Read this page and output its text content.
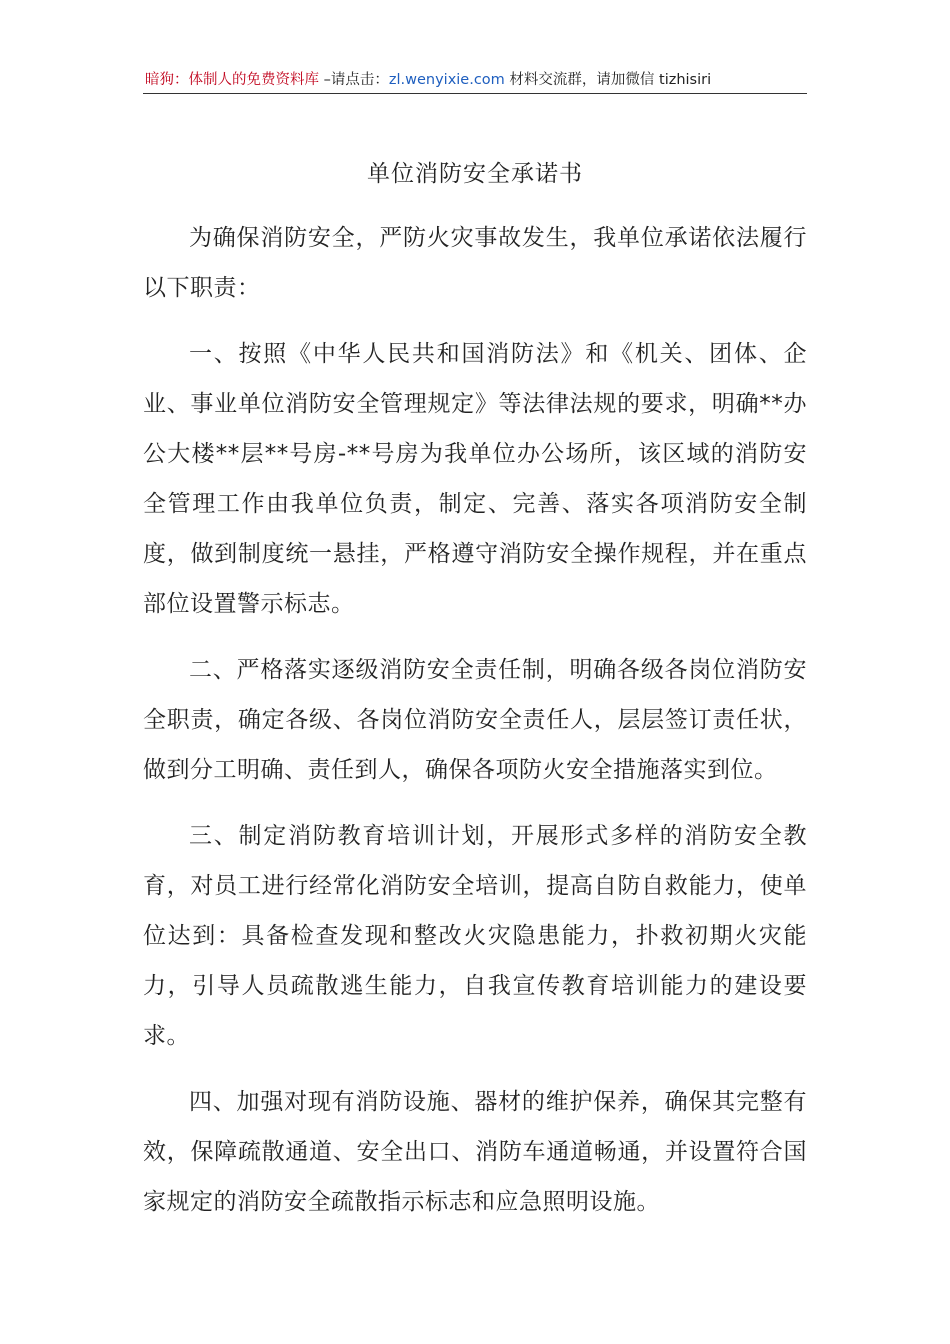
暗狗：体制人的免费资料库 –请点击：zl.wenyixie.com 材料交流群，请加微信 tizhisiri
单位消防安全承诺书

为确保消防安全，严防火灾事故发生，我单位承诺依法履行以下职责：

一、按照《中华人民共和国消防法》和《机关、团体、企业、事业单位消防安全管理规定》等法律法规的要求，明确**办公大楼**层**号房-**号房为我单位办公场所，该区域的消防安全管理工作由我单位负责，制定、完善、落实各项消防安全制度，做到制度统一悬挂，严格遵守消防安全操作规程，并在重点部位设置警示标志。

二、严格落实逐级消防安全责任制，明确各级各岗位消防安全职责，确定各级、各岗位消防安全责任人，层层签订责任状，做到分工明确、责任到人，确保各项防火安全措施落实到位。

三、制定消防教育培训计划，开展形式多样的消防安全教育，对员工进行经常化消防安全培训，提高自防自救能力，使单位达到：具备检查发现和整改火灾隐患能力，扑救初期火灾能力，引导人员疏散逃生能力，自我宣传教育培训能力的建设要求。

四、加强对现有消防设施、器材的维护保养，确保其完整有效，保障疏散通道、安全出口、消防车通道畅通，并设置符合国家规定的消防安全疏散指示标志和应急照明设施。
